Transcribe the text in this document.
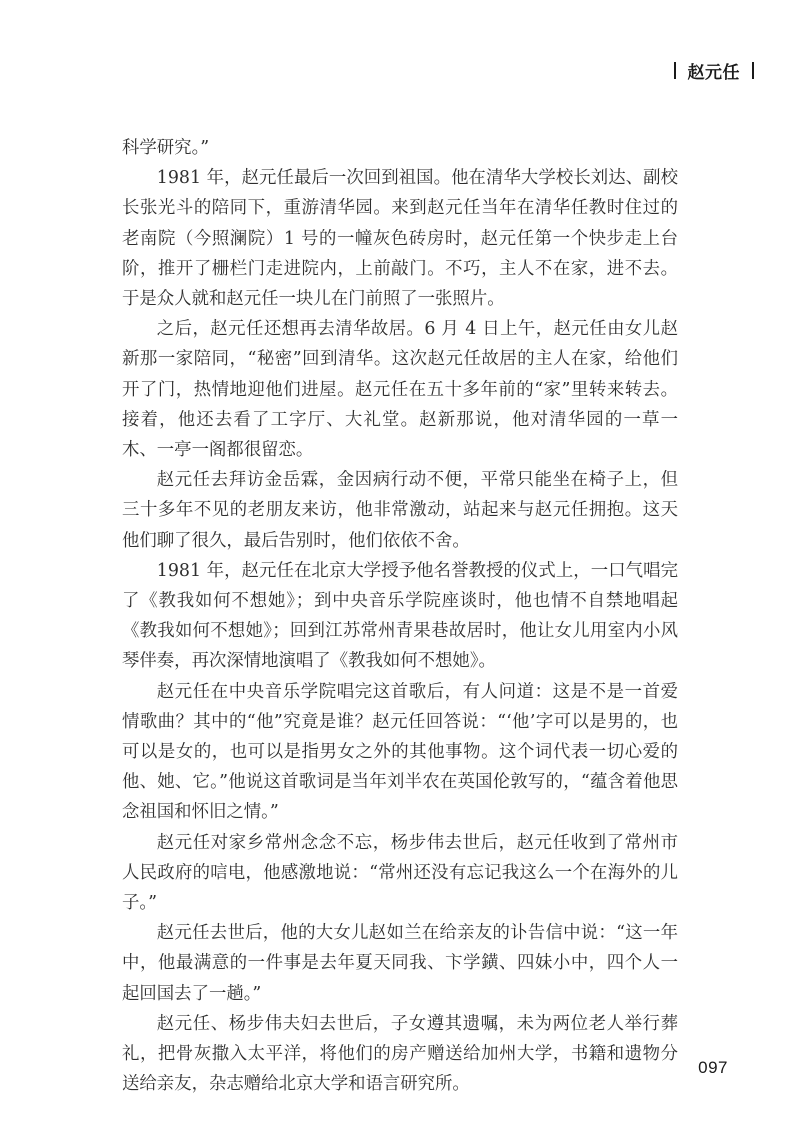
赵元任

科学研究。”

1981 年，赵元任最后一次回到祖国。他在清华大学校长刘达、副校长张光斗的陪同下，重游清华园。来到赵元任当年在清华任教时住过的老南院（今照澜院）1 号的一幢灰色砖房时，赵元任第一个快步走上台阶，推开了栅栏门走进院内，上前敲门。不巧，主人不在家，进不去。于是众人就和赵元任一块儿在门前照了一张照片。

之后，赵元任还想再去清华故居。6 月 4 日上午，赵元任由女儿赵新那一家陪同，“秘密”回到清华。这次赵元任故居的主人在家，给他们开了门，热情地迎他们进屋。赵元任在五十多年前的“家”里转来转去。接着，他还去看了工字厅、大礼堂。赵新那说，他对清华园的一草一木、一亭一阁都很留恋。

赵元任去拜访金岳霖，金因病行动不便，平常只能坐在椅子上，但三十多年不见的老朋友来访，他非常激动，站起来与赵元任拥抱。这天他们聊了很久，最后告别时，他们依依不舍。

1981 年，赵元任在北京大学授予他名誉教授的仪式上，一口气唱完了《教我如何不想她》；到中央音乐学院座谈时，他也情不自禁地唱起《教我如何不想她》；回到江苏常州青果巷故居时，他让女儿用室内小风琴伴奏，再次深情地演唱了《教我如何不想她》。

赵元任在中央音乐学院唱完这首歌后，有人问道：这是不是一首爱情歌曲？其中的“他”究竟是谁？赵元任回答说：“‘他’字可以是男的，也可以是女的，也可以是指男女之外的其他事物。这个词代表一切心爱的他、她、它。”他说这首歌词是当年刘半农在英国伦敦写的，“蕴含着他思念祖国和怀旧之情。”

赵元任对家乡常州念念不忘，杨步伟去世后，赵元任收到了常州市人民政府的唁电，他感激地说：“常州还没有忘记我这么一个在海外的儿子。”

赵元任去世后，他的大女儿赵如兰在给亲友的讣告信中说：“这一年中，他最满意的一件事是去年夏天同我、卞学鐄、四妹小中，四个人一起回国去了一趟。”

赵元任、杨步伟夫妇去世后，子女遵其遗嘱，未为两位老人举行葬礼，把骨灰撒入太平洋，将他们的房产赠送给加州大学，书籍和遗物分送给亲友，杂志赠给北京大学和语言研究所。

097
